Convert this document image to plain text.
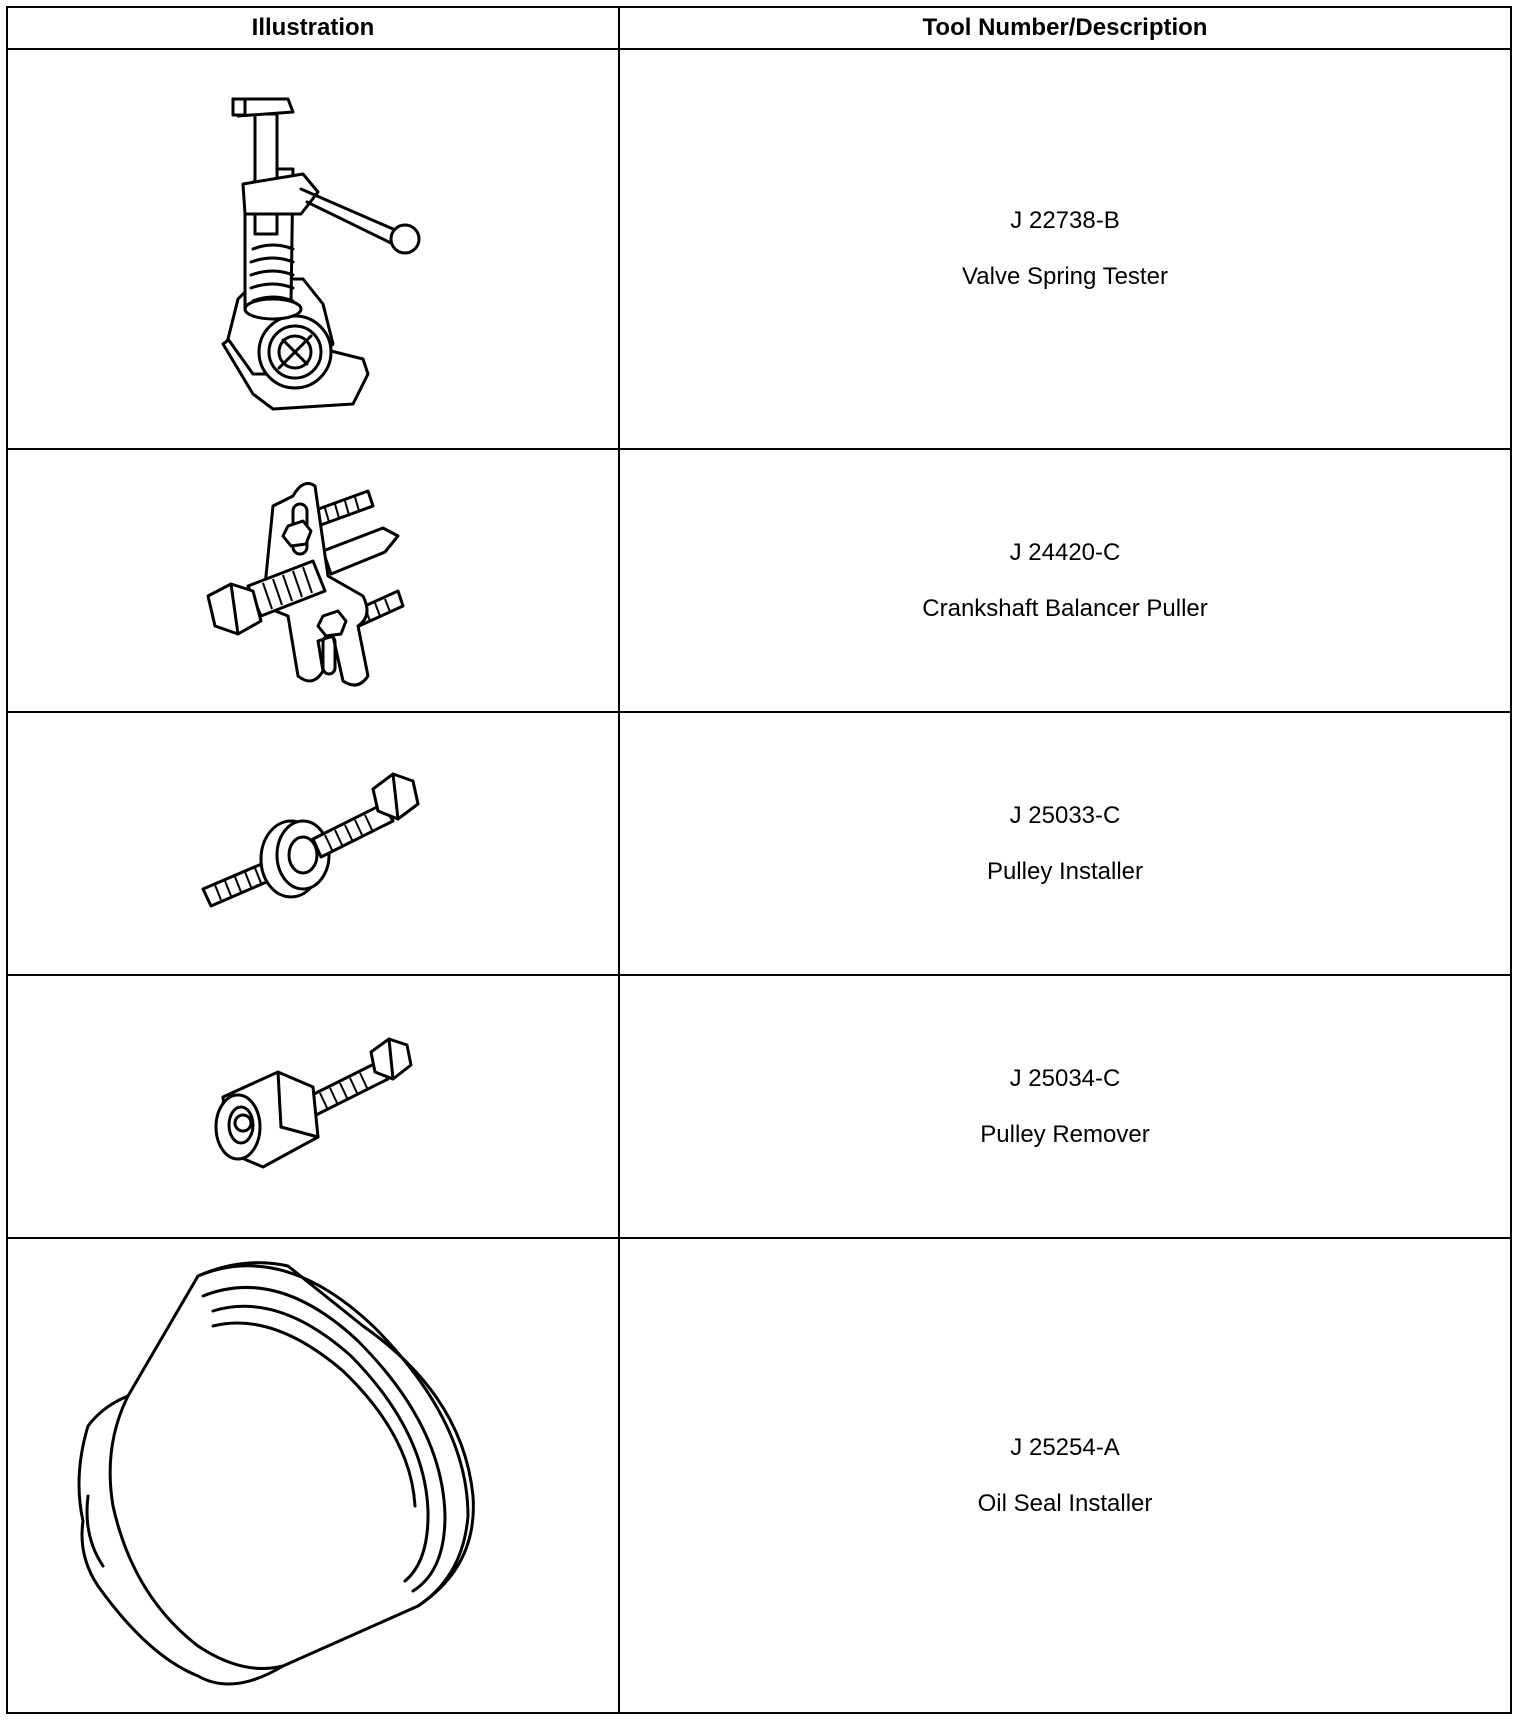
Illustration	Tool Number/Description

J 22738-B
Valve Spring Tester

J 24420-C
Crankshaft Balancer Puller

J 25033-C
Pulley Installer

J 25034-C
Pulley Remover

J 25254-A
Oil Seal Installer
